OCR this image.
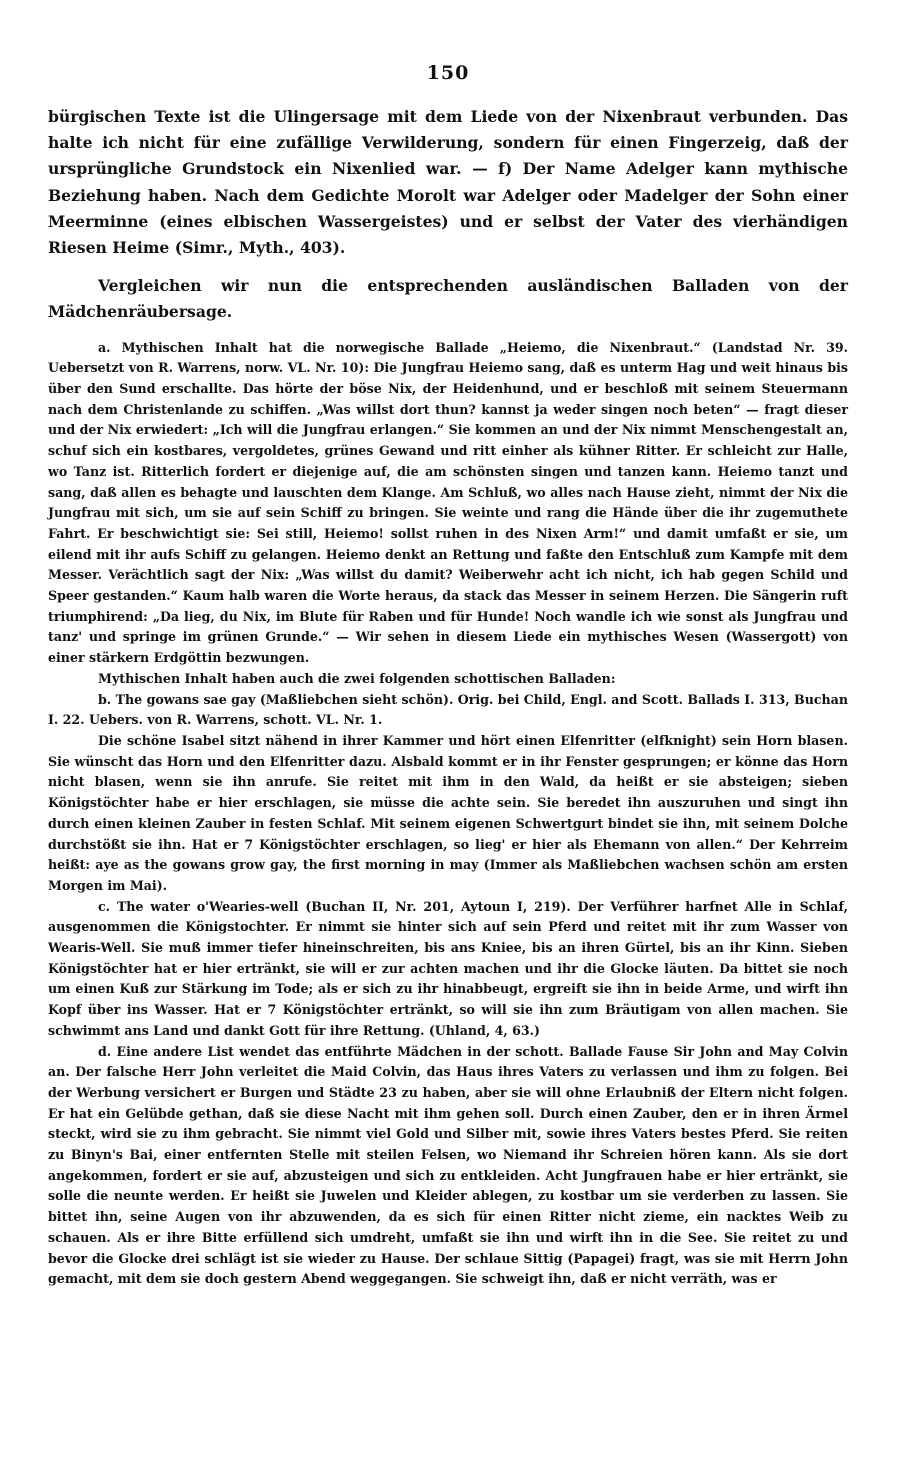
150

bürgischen Texte ist die Ulingersage mit dem Liede von der Nixenbraut verbunden. Das halte ich nicht für eine zufällige Verwilderung, sondern für einen Fingerzeig, daß der ursprüngliche Grundstock ein Nixenlied war. — f) Der Name Adelger kann mythische Beziehung haben. Nach dem Gedichte Morolt war Adelger oder Madelger der Sohn einer Meerminne (eines elbischen Wassergeistes) und er selbst der Vater des vierhändigen Riesen Heime (Simr., Myth., 403).

Vergleichen wir nun die entsprechenden ausländischen Balladen von der Mädchenräubersage.

a. Mythischen Inhalt hat die norwegische Ballade „Heiemo, die Nixenbraut.“ (Landstad Nr. 39. Uebersetzt von R. Warrens, norw. VL. Nr. 10): Die Jungfrau Heiemo sang, daß es unterm Hag und weit hinaus bis über den Sund erschallte. Das hörte der böse Nix, der Heidenhund, und er beschloß mit seinem Steuermann nach dem Christenlande zu schiffen. „Was willst dort thun? kannst ja weder singen noch beten“ — fragt dieser und der Nix erwiedert: „Ich will die Jungfrau erlangen.“ Sie kommen an und der Nix nimmt Menschengestalt an, schuf sich ein kostbares, vergoldetes, grünes Gewand und ritt einher als kühner Ritter. Er schleicht zur Halle, wo Tanz ist. Ritterlich fordert er diejenige auf, die am schönsten singen und tanzen kann. Heiemo tanzt und sang, daß allen es behagte und lauschten dem Klange. Am Schluß, wo alles nach Hause zieht, nimmt der Nix die Jungfrau mit sich, um sie auf sein Schiff zu bringen. Sie weinte und rang die Hände über die ihr zugemuthete Fahrt. Er beschwichtigt sie: Sei still, Heiemo! sollst ruhen in des Nixen Arm!“ und damit umfaßt er sie, um eilend mit ihr aufs Schiff zu gelangen. Heiemo denkt an Rettung und faßte den Entschluß zum Kampfe mit dem Messer. Verächtlich sagt der Nix: „Was willst du damit? Weiberwehr acht ich nicht, ich hab gegen Schild und Speer gestanden.“ Kaum halb waren die Worte heraus, da stack das Messer in seinem Herzen. Die Sängerin ruft triumphirend: „Da lieg, du Nix, im Blute für Raben und für Hunde! Noch wandle ich wie sonst als Jungfrau und tanz' und springe im grünen Grunde.“ — Wir sehen in diesem Liede ein mythisches Wesen (Wassergott) von einer stärkern Erdgöttin bezwungen.

Mythischen Inhalt haben auch die zwei folgenden schottischen Balladen:

b. The gowans sae gay (Maßliebchen sieht schön). Orig. bei Child, Engl. and Scott. Ballads I. 313, Buchan I. 22. Uebers. von R. Warrens, schott. VL. Nr. 1.

Die schöne Isabel sitzt nähend in ihrer Kammer und hört einen Elfenritter (elfknight) sein Horn blasen. Sie wünscht das Horn und den Elfenritter dazu. Alsbald kommt er in ihr Fenster gesprungen; er könne das Horn nicht blasen, wenn sie ihn anrufe. Sie reitet mit ihm in den Wald, da heißt er sie absteigen; sieben Königstöchter habe er hier erschlagen, sie müsse die achte sein. Sie beredet ihn auszuruhen und singt ihn durch einen kleinen Zauber in festen Schlaf. Mit seinem eigenen Schwertgurt bindet sie ihn, mit seinem Dolche durchstößt sie ihn. Hat er 7 Königstöchter erschlagen, so lieg' er hier als Ehemann von allen.“ Der Kehrreim heißt: aye as the gowans grow gay, the first morning in may (Immer als Maßliebchen wachsen schön am ersten Morgen im Mai).

c. The water o'Wearies-well (Buchan II, Nr. 201, Aytoun I, 219). Der Verführer harfnet Alle in Schlaf, ausgenommen die Königstochter. Er nimmt sie hinter sich auf sein Pferd und reitet mit ihr zum Wasser von Wearis-Well. Sie muß immer tiefer hineinschreiten, bis ans Kniee, bis an ihren Gürtel, bis an ihr Kinn. Sieben Königstöchter hat er hier ertränkt, sie will er zur achten machen und ihr die Glocke läuten. Da bittet sie noch um einen Kuß zur Stärkung im Tode; als er sich zu ihr hinabbeugt, ergreift sie ihn in beide Arme, und wirft ihn Kopf über ins Wasser. Hat er 7 Königstöchter ertränkt, so will sie ihn zum Bräutigam von allen machen. Sie schwimmt ans Land und dankt Gott für ihre Rettung. (Uhland, 4, 63.)

d. Eine andere List wendet das entführte Mädchen in der schott. Ballade Fause Sir John and May Colvin an. Der falsche Herr John verleitet die Maid Colvin, das Haus ihres Vaters zu verlassen und ihm zu folgen. Bei der Werbung versichert er Burgen und Städte 23 zu haben, aber sie will ohne Erlaubniß der Eltern nicht folgen. Er hat ein Gelübde gethan, daß sie diese Nacht mit ihm gehen soll. Durch einen Zauber, den er in ihren Ärmel steckt, wird sie zu ihm gebracht. Sie nimmt viel Gold und Silber mit, sowie ihres Vaters bestes Pferd. Sie reiten zu Binyn's Bai, einer entfernten Stelle mit steilen Felsen, wo Niemand ihr Schreien hören kann. Als sie dort angekommen, fordert er sie auf, abzusteigen und sich zu entkleiden. Acht Jungfrauen habe er hier ertränkt, sie solle die neunte werden. Er heißt sie Juwelen und Kleider ablegen, zu kostbar um sie verderben zu lassen. Sie bittet ihn, seine Augen von ihr abzuwenden, da es sich für einen Ritter nicht zieme, ein nacktes Weib zu schauen. Als er ihre Bitte erfüllend sich umdreht, umfaßt sie ihn und wirft ihn in die See. Sie reitet zu und bevor die Glocke drei schlägt ist sie wieder zu Hause. Der schlaue Sittig (Papagei) fragt, was sie mit Herrn John gemacht, mit dem sie doch gestern Abend weggegangen. Sie schweigt ihn, daß er nicht verräth, was er
